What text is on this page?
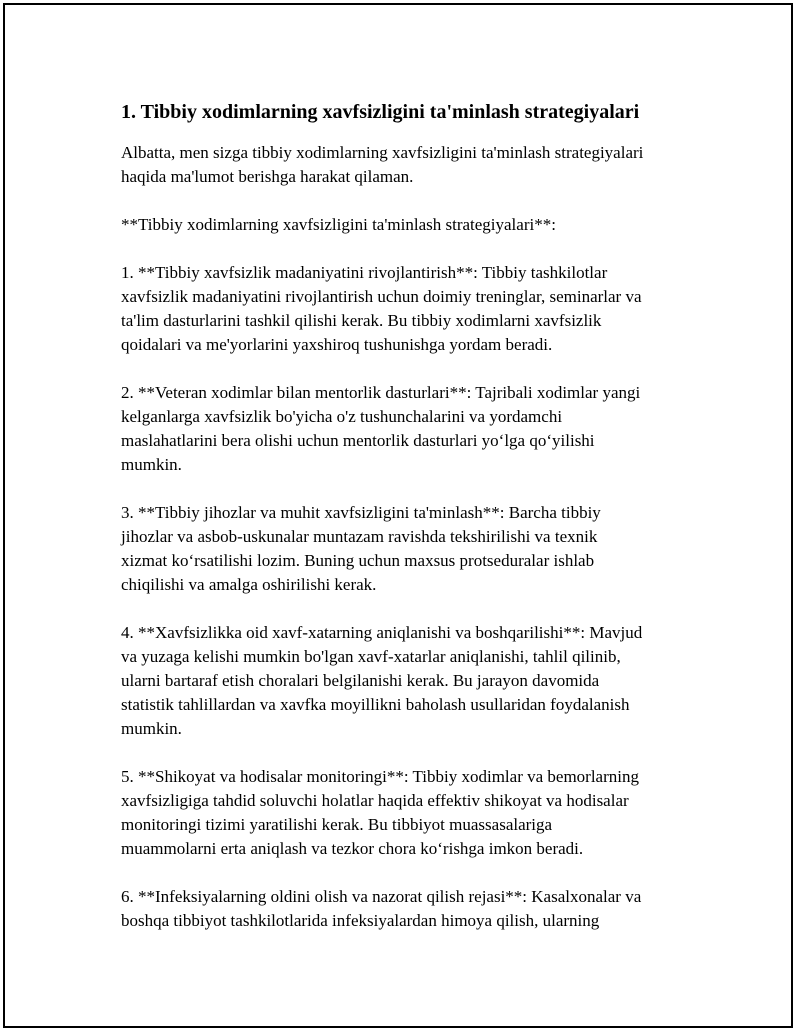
1. Tibbiy xodimlarning xavfsizligini ta'minlash strategiyalari

Albatta, men sizga tibbiy xodimlarning xavfsizligini ta'minlash strategiyalari
haqida ma'lumot berishga harakat qilaman.

**Tibbiy xodimlarning xavfsizligini ta'minlash strategiyalari**:

1. **Tibbiy xavfsizlik madaniyatini rivojlantirish**: Tibbiy tashkilotlar
xavfsizlik madaniyatini rivojlantirish uchun doimiy treninglar, seminarlar va
ta'lim dasturlarini tashkil qilishi kerak. Bu tibbiy xodimlarni xavfsizlik
qoidalari va me'yorlarini yaxshiroq tushunishga yordam beradi.

2. **Veteran xodimlar bilan mentorlik dasturlari**: Tajribali xodimlar yangi
kelganlarga xavfsizlik bo'yicha o'z tushunchalarini va yordamchi
maslahatlarini bera olishi uchun mentorlik dasturlari yo‘lga qo‘yilishi
mumkin.

3. **Tibbiy jihozlar va muhit xavfsizligini ta'minlash**: Barcha tibbiy
jihozlar va asbob-uskunalar muntazam ravishda tekshirilishi va texnik
xizmat ko‘rsatilishi lozim. Buning uchun maxsus protseduralar ishlab
chiqilishi va amalga oshirilishi kerak.

4. **Xavfsizlikka oid xavf-xatarning aniqlanishi va boshqarilishi**: Mavjud
va yuzaga kelishi mumkin bo'lgan xavf-xatarlar aniqlanishi, tahlil qilinib,
ularni bartaraf etish choralari belgilanishi kerak. Bu jarayon davomida
statistik tahlillardan va xavfka moyillikni baholash usullaridan foydalanish
mumkin.

5. **Shikoyat va hodisalar monitoringi**: Tibbiy xodimlar va bemorlarning
xavfsizligiga tahdid soluvchi holatlar haqida effektiv shikoyat va hodisalar
monitoringi tizimi yaratilishi kerak. Bu tibbiyot muassasalariga
muammolarni erta aniqlash va tezkor chora ko‘rishga imkon beradi.

6. **Infeksiyalarning oldini olish va nazorat qilish rejasi**: Kasalxonalar va
boshqa tibbiyot tashkilotlarida infeksiyalardan himoya qilish, ularning
